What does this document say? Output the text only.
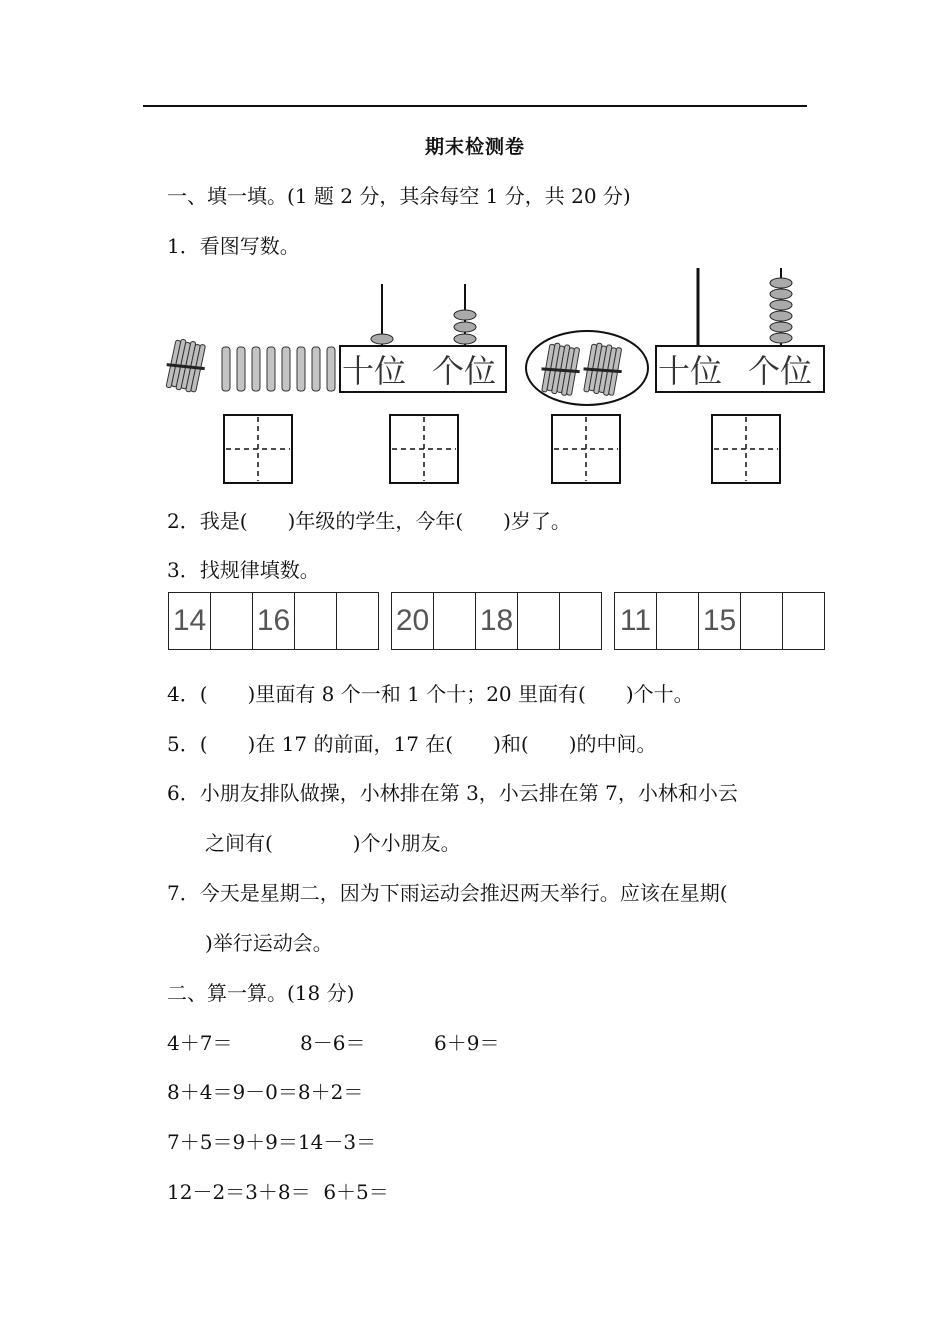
期末检测卷
一、填一填。(1 题 2 分，其余每空 1 分，共 20 分)
1．看图写数。
十位 个位	十位 个位
2．我是(　　)年级的学生，今年(　　)岁了。
3．找规律填数。
14 16	20 18	11 15
4．(　　)里面有 8 个一和 1 个十；20 里面有(　　)个十。
5．(　　)在 17 的前面，17 在(　　)和(　　)的中间。
6．小朋友排队做操，小林排在第 3，小云排在第 7，小林和小云
之间有(　　　　)个小朋友。
7．今天是星期二，因为下雨运动会推迟两天举行。应该在星期(
)举行运动会。
二、算一算。(18 分)
4＋7＝	8－6＝	6＋9＝
8＋4＝9－0＝8＋2＝
7＋5＝9＋9＝14－3＝
12－2＝3＋8＝  6＋5＝
